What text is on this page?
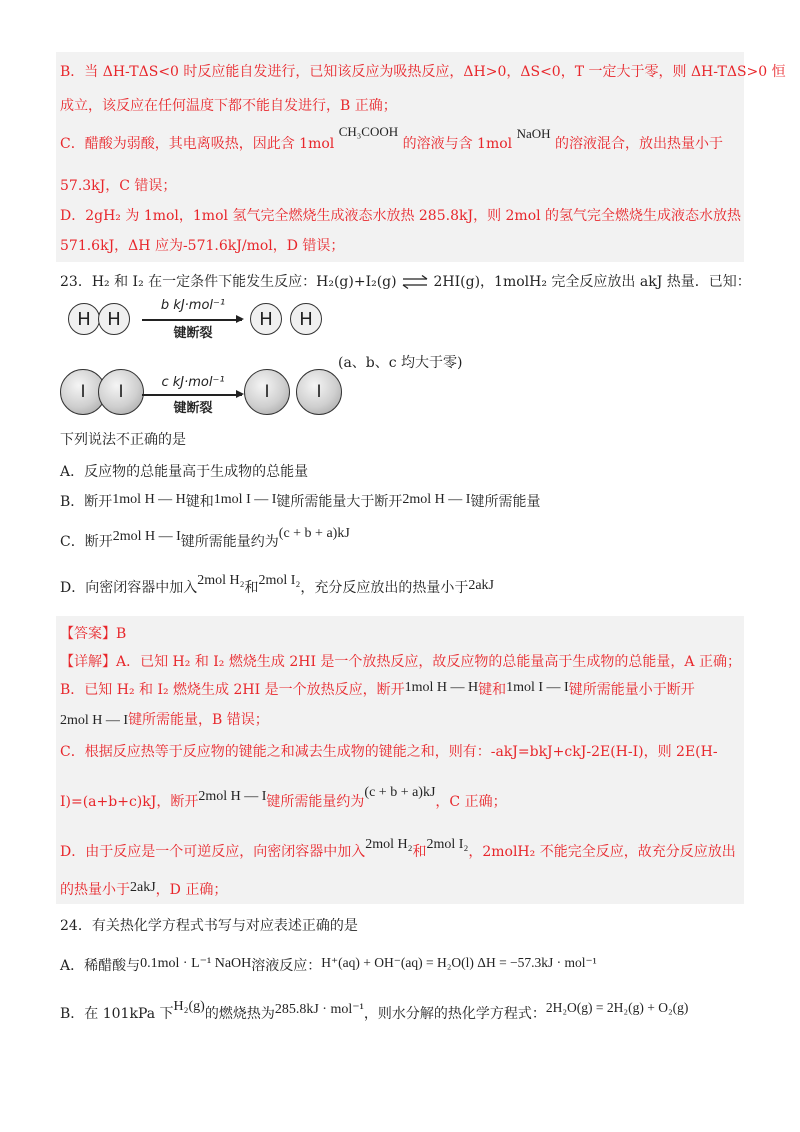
B．当 ΔH-TΔS<0 时反应能自发进行，已知该反应为吸热反应，ΔH>0，ΔS<0，T 一定大于零，则 ΔH-TΔS>0 恒
成立，该反应在任何温度下都不能自发进行，B 正确；
C．醋酸为弱酸，其电离吸热，因此含 1mol CH₃COOH 的溶液与含 1mol NaOH 的溶液混合，放出热量小于
57.3kJ，C 错误；
D．2gH₂ 为 1mol，1mol 氢气完全燃烧生成液态水放热 285.8kJ，则 2mol 的氢气完全燃烧生成液态水放热
571.6kJ，ΔH 应为-571.6kJ/mol，D 错误；
23．H₂ 和 I₂ 在一定条件下能发生反应：H₂(g)+I₂(g) ⇌ 2HI(g)，1molH₂ 完全反应放出 akJ 热量．已知：
H H
b kJ·mol⁻¹
键断裂
H	H
(a、b、c 均大于零)
I	I	c kJ·mol⁻¹
键断裂
I	I
下列说法不正确的是
A．反应物的总能量高于生成物的总能量
B．断开1mol H — H键和1mol I — I键所需能量大于断开2mol H — I键所需能量
C．断开2mol H — I键所需能量约为(c + b + a)kJ
D．向密闭容器中加入2mol H₂和2mol I₂，充分反应放出的热量小于2akJ
【答案】B
【详解】A．已知 H₂ 和 I₂ 燃烧生成 2HI 是一个放热反应，故反应物的总能量高于生成物的总能量，A 正确；
B．已知 H₂ 和 I₂ 燃烧生成 2HI 是一个放热反应，断开1mol H — H键和1mol I — I键所需能量小于断开
2mol H — I键所需能量，B 错误；
C．根据反应热等于反应物的键能之和减去生成物的键能之和，则有：-akJ=bkJ+ckJ-2E(H-I)，则 2E(H-
I)=(a+b+c)kJ，断开2mol H — I键所需能量约为(c + b + a)kJ，C 正确；
D．由于反应是一个可逆反应，向密闭容器中加入2mol H₂和2mol I₂，2molH₂ 不能完全反应，故充分反应放出
的热量小于2akJ，D 正确；
24．有关热化学方程式书写与对应表述正确的是
A．稀醋酸与0.1mol · L⁻¹ NaOH溶液反应：H⁺(aq) + OH⁻(aq) = H₂O(l) ΔH = −57.3kJ · mol⁻¹
B．在 101kPa 下H₂(g)的燃烧热为285.8kJ · mol⁻¹，则水分解的热化学方程式：2H₂O(g) = 2H₂(g) + O₂(g)
